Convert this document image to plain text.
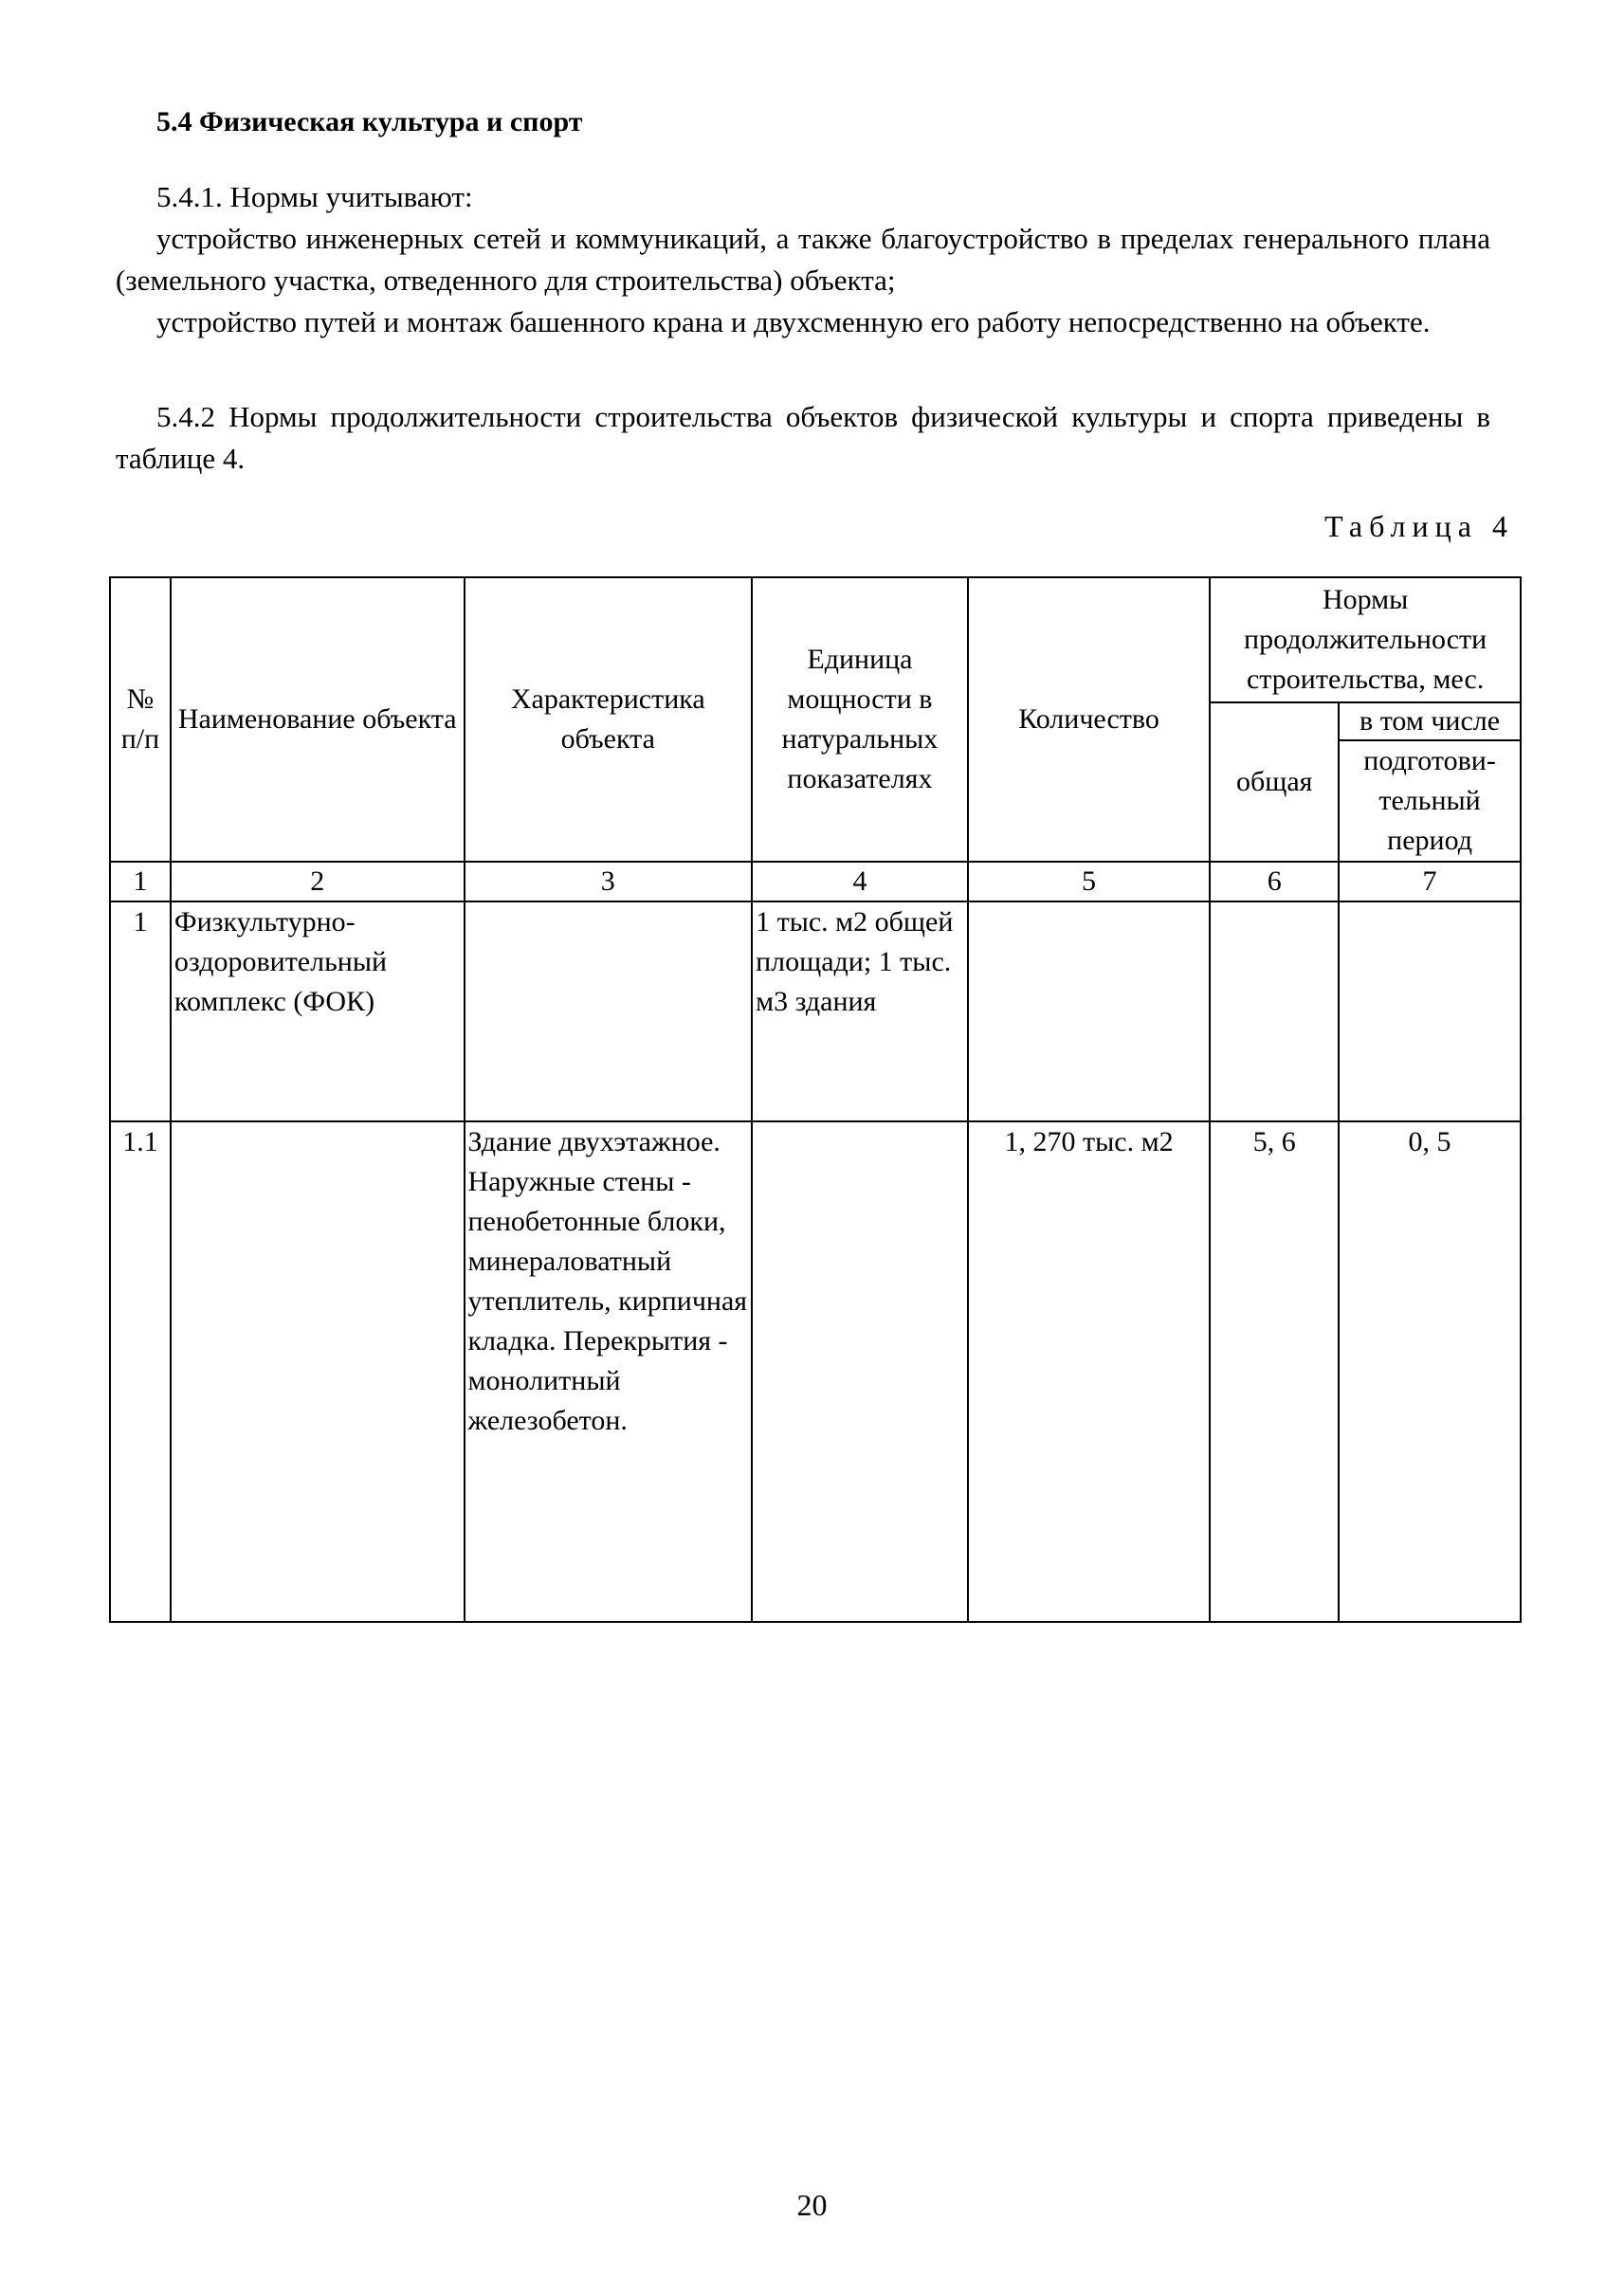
5.4 Физическая культура и спорт
5.4.1. Нормы учитывают:
устройство инженерных сетей и коммуникаций, а также благоустройство в пределах генерального плана (земельного участка, отведенного для строительства) объекта;
устройство путей и монтаж башенного крана и двухсменную его работу непосредственно на объекте.
5.4.2 Нормы продолжительности строительства объектов физической культуры и спорта приведены в таблице 4.
Таблица 4
№ п/п	Наименование объекта	Характеристика объекта	Единица мощности в натуральных показателях	Количество	Нормы продолжительности строительства, мес.	
					общая	в том числе
						подготови-тельный период
1	2	3	4	5	6	7
1	Физкультурно-оздоровительный комплекс (ФОК)		1 тыс. м2 общей площади; 1 тыс. м3 здания			
1.1		Здание двухэтажное. Наружные стены - пенобетонные блоки, минераловатный утеплитель, кирпичная кладка. Перекрытия - монолитный железобетон.		1, 270 тыс. м2	5, 6	0, 5
20
